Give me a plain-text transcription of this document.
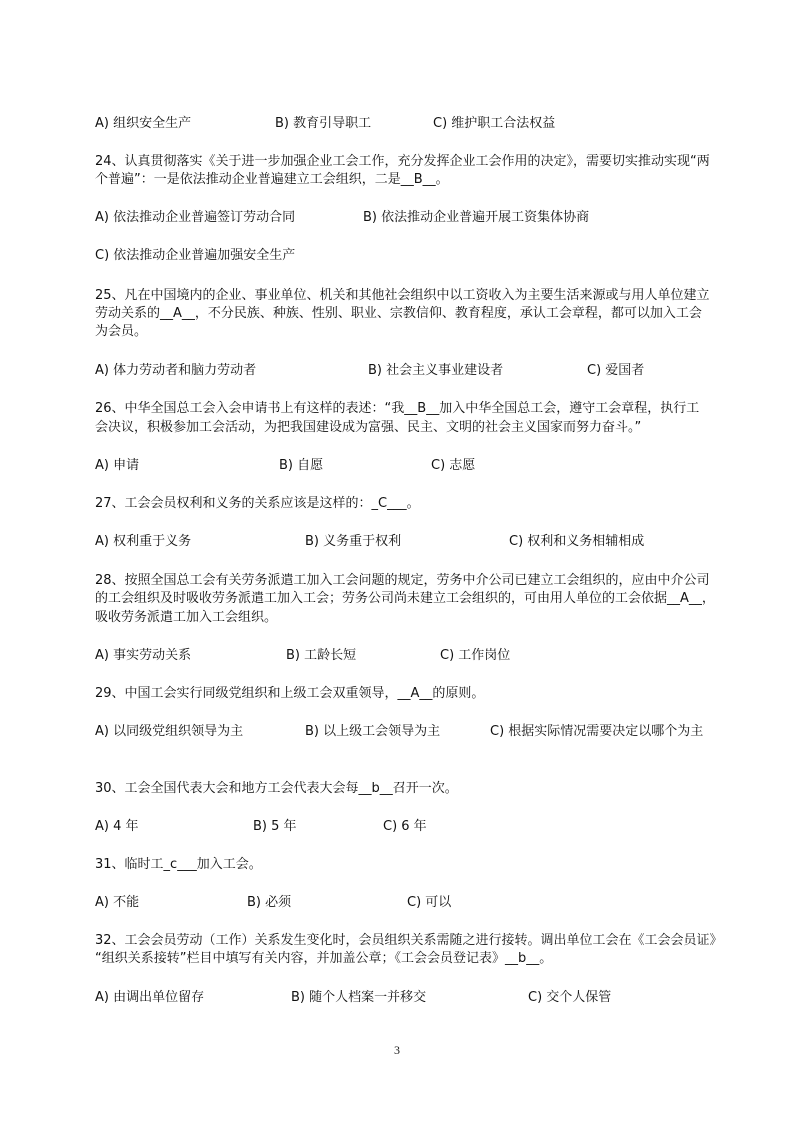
A) 组织安全生产	B) 教育引导职工	C) 维护职工合法权益

24、认真贯彻落实《关于进一步加强企业工会工作，充分发挥企业工会作用的决定》，需要切实推动实现“两

个普遍”：一是依法推动企业普遍建立工会组织，二是__B__。

A) 依法推动企业普遍签订劳动合同	B) 依法推动企业普遍开展工资集体协商
C) 依法推动企业普遍加强安全生产

25、凡在中国境内的企业、事业单位、机关和其他社会组织中以工资收入为主要生活来源或与用人单位建立

劳动关系的__A__，不分民族、种族、性别、职业、宗教信仰、教育程度，承认工会章程，都可以加入工会

为会员。

A) 体力劳动者和脑力劳动者	B) 社会主义事业建设者	C) 爱国者

26、中华全国总工会入会申请书上有这样的表述：“我__B__加入中华全国总工会，遵守工会章程，执行工

会决议，积极参加工会活动，为把我国建设成为富强、民主、文明的社会主义国家而努力奋斗。”

A) 申请	B) 自愿	C) 志愿

27、工会会员权利和义务的关系应该是这样的：_C___。

A) 权利重于义务	B) 义务重于权利	C) 权利和义务相辅相成

28、按照全国总工会有关劳务派遣工加入工会问题的规定，劳务中介公司已建立工会组织的，应由中介公司

的工会组织及时吸收劳务派遣工加入工会；劳务公司尚未建立工会组织的，可由用人单位的工会依据__A__，

吸收劳务派遣工加入工会组织。

A) 事实劳动关系	B) 工龄长短	C) 工作岗位

29、中国工会实行同级党组织和上级工会双重领导，__A__的原则。

A) 以同级党组织领导为主	B) 以上级工会领导为主	C) 根据实际情况需要决定以哪个为主

30、工会全国代表大会和地方工会代表大会每__b__召开一次。

A) 4 年	B) 5 年	C) 6 年

31、临时工_c___加入工会。

A) 不能	B) 必须	C) 可以

32、工会会员劳动（工作）关系发生变化时，会员组织关系需随之进行接转。调出单位工会在《工会会员证》

“组织关系接转”栏目中填写有关内容，并加盖公章；《工会会员登记表》__b__。

A) 由调出单位留存	B) 随个人档案一并移交	C) 交个人保管
3
